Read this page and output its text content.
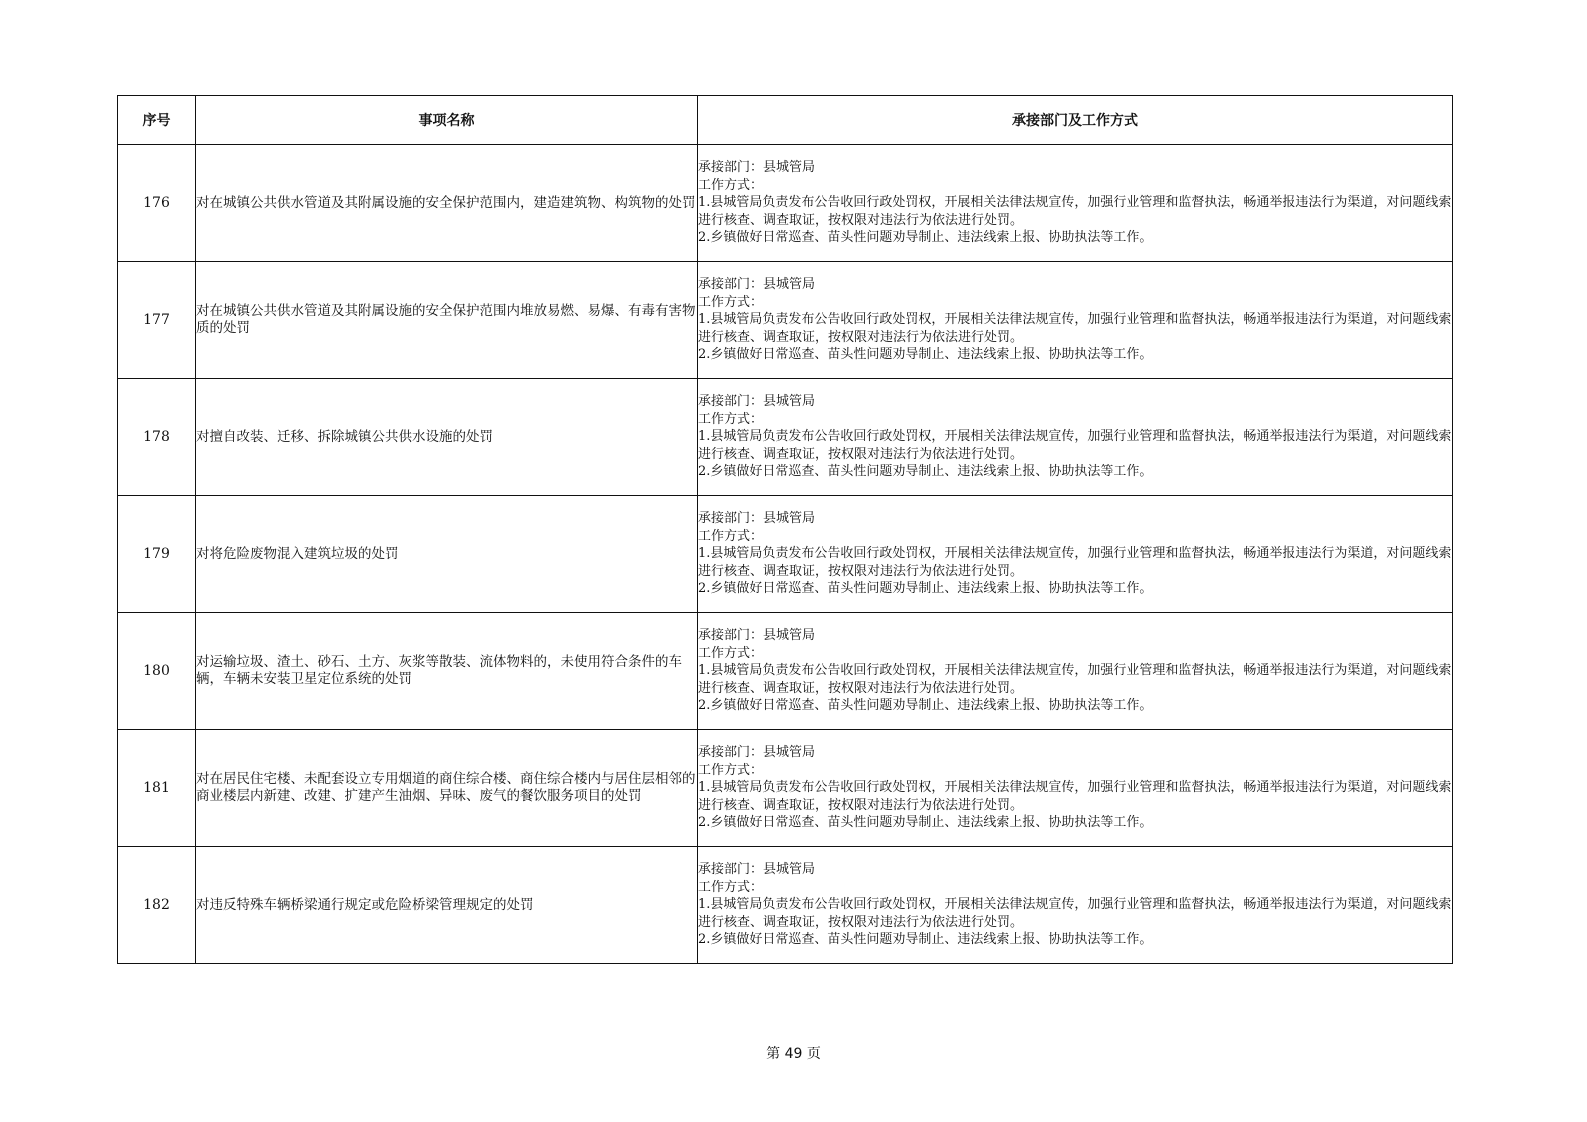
序号	事项名称	承接部门及工作方式
176	对在城镇公共供水管道及其附属设施的安全保护范围内，建造建筑物、构筑物的处罚	承接部门：县城管局
工作方式：
1.县城管局负责发布公告收回行政处罚权，开展相关法律法规宣传，加强行业管理和监督执法，畅通举报违法行为渠道，对问题线索进行核查、调查取证，按权限对违法行为依法进行处罚。
2.乡镇做好日常巡查、苗头性问题劝导制止、违法线索上报、协助执法等工作。

177	对在城镇公共供水管道及其附属设施的安全保护范围内堆放易燃、易爆、有毒有害物质的处罚	承接部门：县城管局
工作方式：
1.县城管局负责发布公告收回行政处罚权，开展相关法律法规宣传，加强行业管理和监督执法，畅通举报违法行为渠道，对问题线索进行核查、调查取证，按权限对违法行为依法进行处罚。
2.乡镇做好日常巡查、苗头性问题劝导制止、违法线索上报、协助执法等工作。

178	对擅自改装、迁移、拆除城镇公共供水设施的处罚	承接部门：县城管局
工作方式：
1.县城管局负责发布公告收回行政处罚权，开展相关法律法规宣传，加强行业管理和监督执法，畅通举报违法行为渠道，对问题线索进行核查、调查取证，按权限对违法行为依法进行处罚。
2.乡镇做好日常巡查、苗头性问题劝导制止、违法线索上报、协助执法等工作。

179	对将危险废物混入建筑垃圾的处罚	承接部门：县城管局
工作方式：
1.县城管局负责发布公告收回行政处罚权，开展相关法律法规宣传，加强行业管理和监督执法，畅通举报违法行为渠道，对问题线索进行核查、调查取证，按权限对违法行为依法进行处罚。
2.乡镇做好日常巡查、苗头性问题劝导制止、违法线索上报、协助执法等工作。

180	对运输垃圾、渣土、砂石、土方、灰浆等散装、流体物料的，未使用符合条件的车辆，车辆未安装卫星定位系统的处罚	承接部门：县城管局
工作方式：
1.县城管局负责发布公告收回行政处罚权，开展相关法律法规宣传，加强行业管理和监督执法，畅通举报违法行为渠道，对问题线索进行核查、调查取证，按权限对违法行为依法进行处罚。
2.乡镇做好日常巡查、苗头性问题劝导制止、违法线索上报、协助执法等工作。

181	对在居民住宅楼、未配套设立专用烟道的商住综合楼、商住综合楼内与居住层相邻的商业楼层内新建、改建、扩建产生油烟、异味、废气的餐饮服务项目的处罚	承接部门：县城管局
工作方式：
1.县城管局负责发布公告收回行政处罚权，开展相关法律法规宣传，加强行业管理和监督执法，畅通举报违法行为渠道，对问题线索进行核查、调查取证，按权限对违法行为依法进行处罚。
2.乡镇做好日常巡查、苗头性问题劝导制止、违法线索上报、协助执法等工作。

182	对违反特殊车辆桥梁通行规定或危险桥梁管理规定的处罚	承接部门：县城管局
工作方式：
1.县城管局负责发布公告收回行政处罚权，开展相关法律法规宣传，加强行业管理和监督执法，畅通举报违法行为渠道，对问题线索进行核查、调查取证，按权限对违法行为依法进行处罚。
2.乡镇做好日常巡查、苗头性问题劝导制止、违法线索上报、协助执法等工作。
第 49 页
